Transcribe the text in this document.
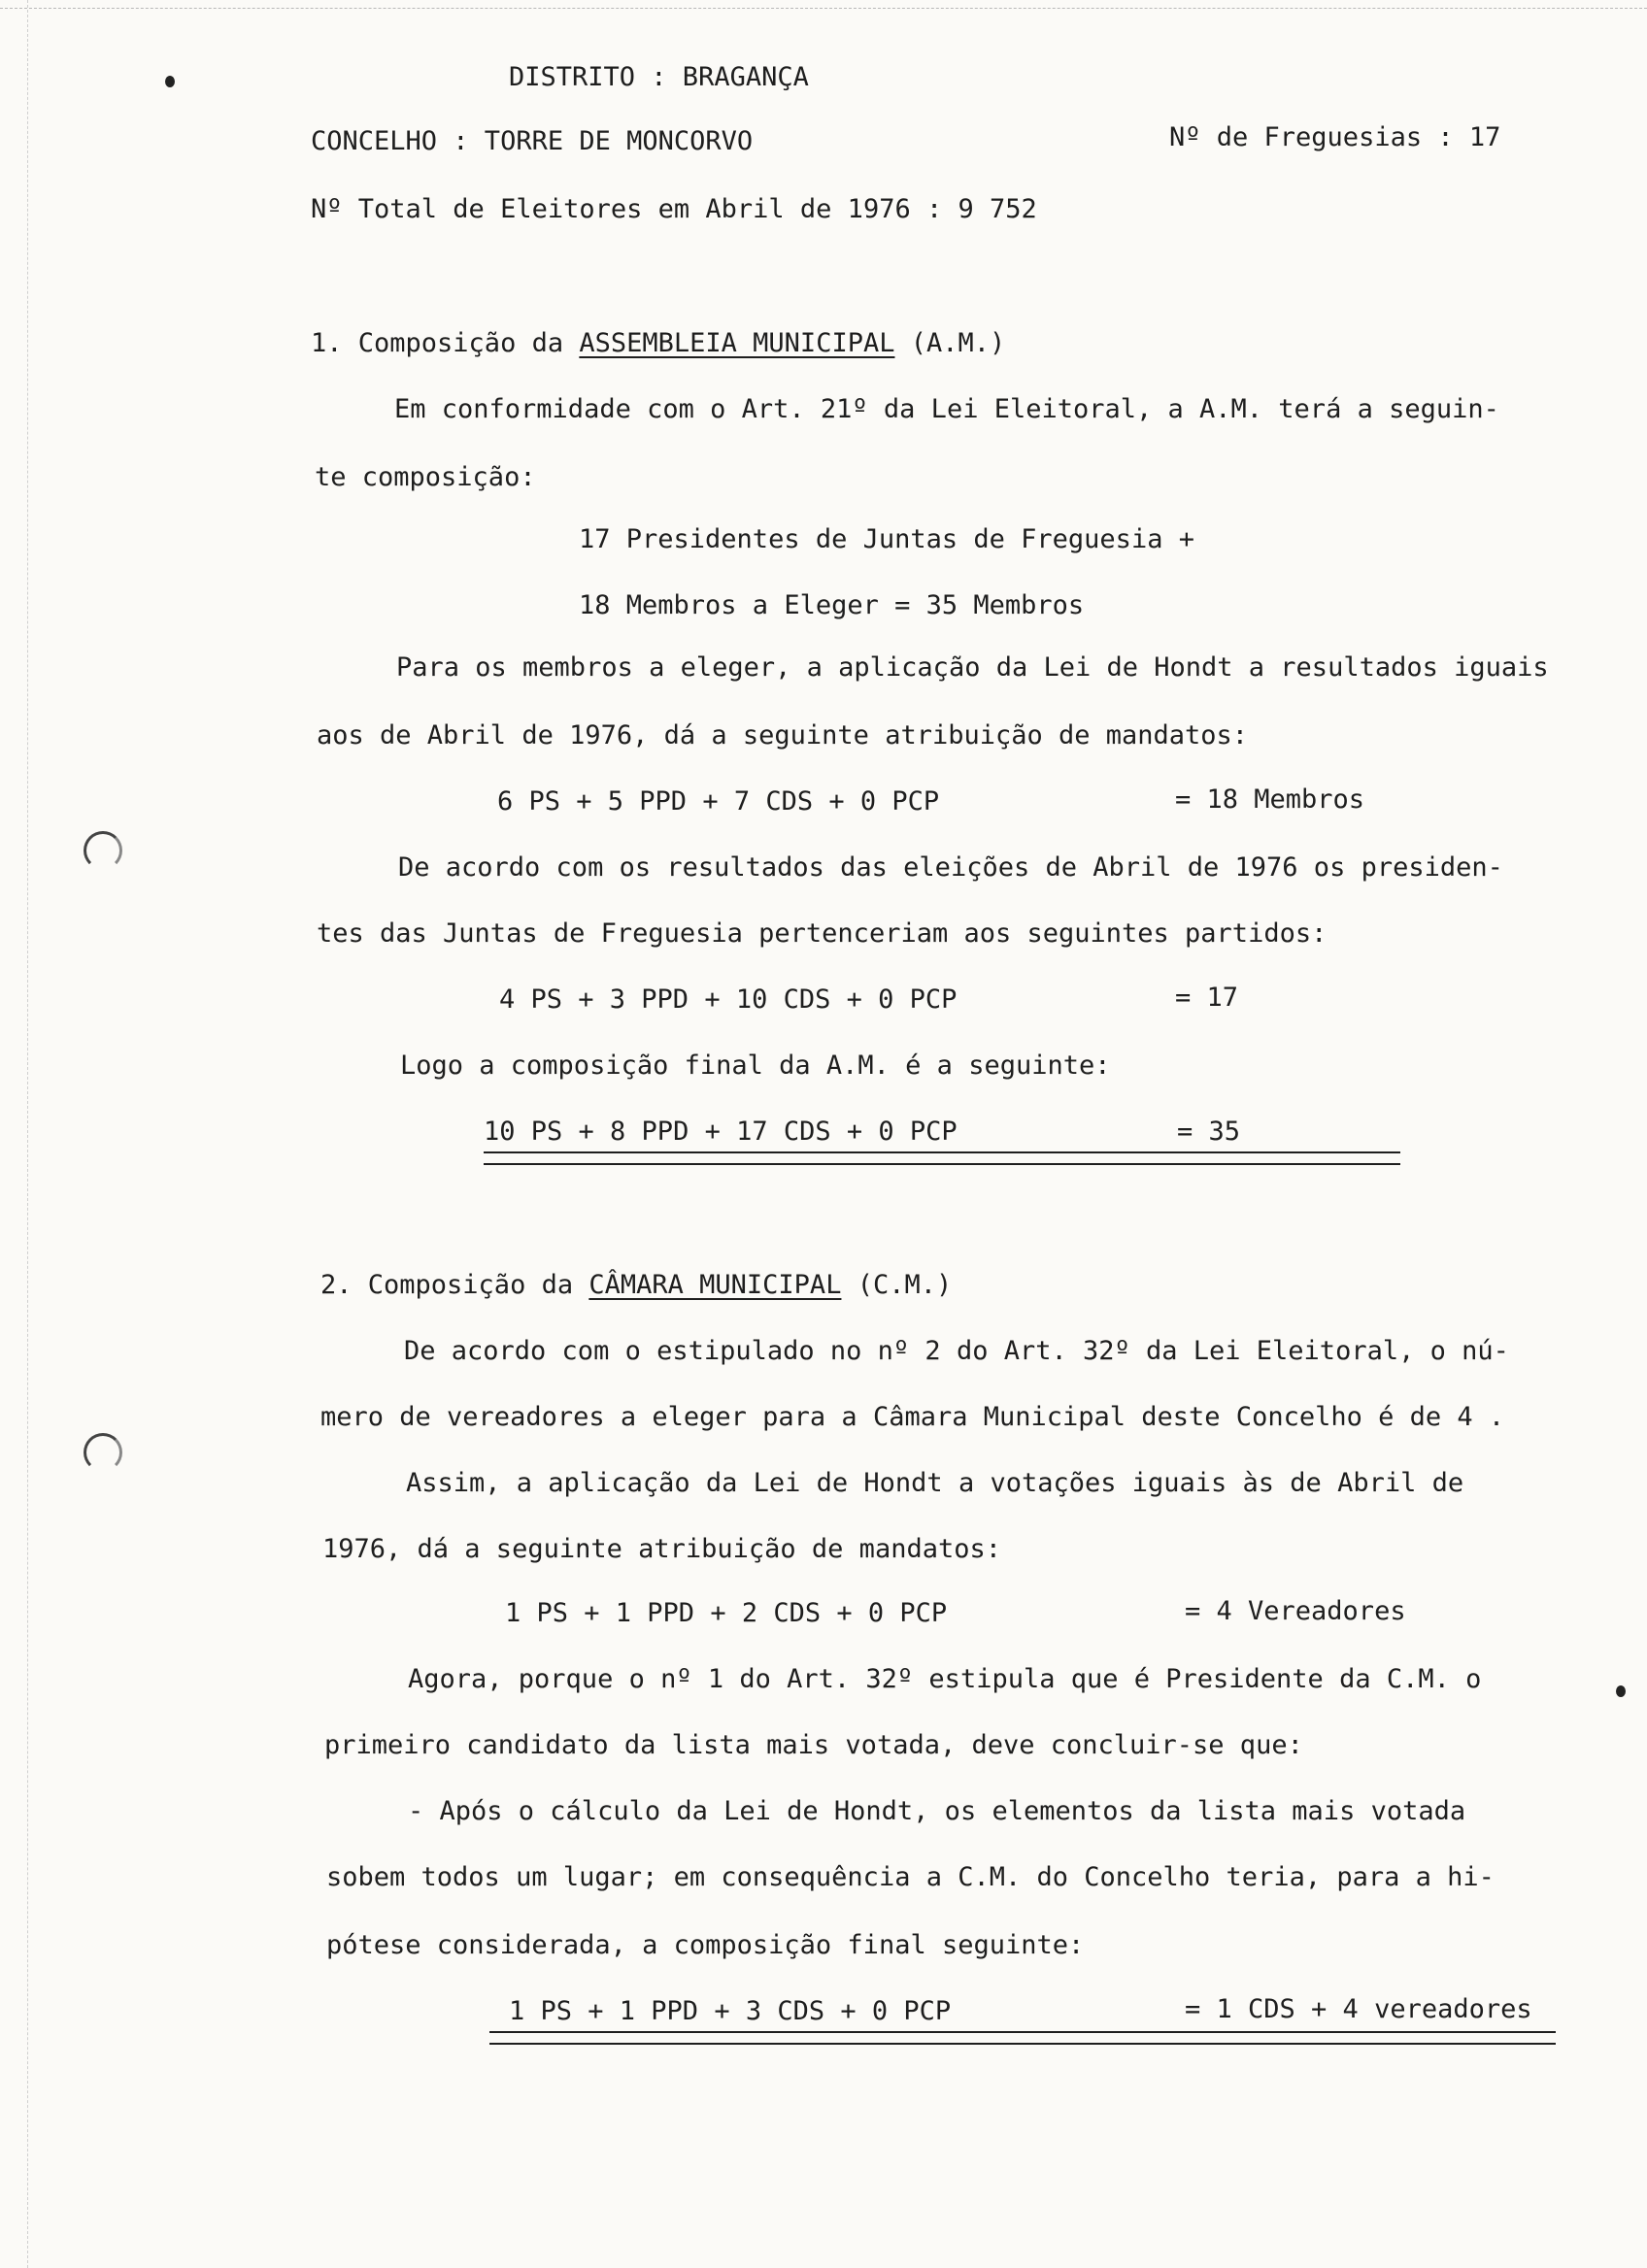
DISTRITO : BRAGANÇA
CONCELHO : TORRE DE MONCORVO	Nº de Freguesias : 17
Nº Total de Eleitores em Abril de 1976 : 9 752
1. Composição da ASSEMBLEIA MUNICIPAL (A.M.)
Em conformidade com o Art. 21º da Lei Eleitoral, a A.M. terá a seguin-
te composição:
17 Presidentes de Juntas de Freguesia +
18 Membros a Eleger = 35 Membros
Para os membros a eleger, a aplicação da Lei de Hondt a resultados iguais
aos de Abril de 1976, dá a seguinte atribuição de mandatos:
6 PS + 5 PPD + 7 CDS + 0 PCP	= 18 Membros
De acordo com os resultados das eleições de Abril de 1976 os presiden-
tes das Juntas de Freguesia pertenceriam aos seguintes partidos:
4 PS + 3 PPD + 10 CDS + 0 PCP	= 17
Logo a composição final da A.M. é a seguinte:
10 PS + 8 PPD + 17 CDS + 0 PCP	= 35
2. Composição da CÂMARA MUNICIPAL (C.M.)
De acordo com o estipulado no nº 2 do Art. 32º da Lei Eleitoral, o nú-
mero de vereadores a eleger para a Câmara Municipal deste Concelho é de 4 .
Assim, a aplicação da Lei de Hondt a votações iguais às de Abril de
1976, dá a seguinte atribuição de mandatos:
1 PS + 1 PPD + 2 CDS + 0 PCP	= 4 Vereadores
Agora, porque o nº 1 do Art. 32º estipula que é Presidente da C.M. o
primeiro candidato da lista mais votada, deve concluir-se que:
- Após o cálculo da Lei de Hondt, os elementos da lista mais votada
sobem todos um lugar; em consequência a C.M. do Concelho teria, para a hi-
pótese considerada, a composição final seguinte:
1 PS + 1 PPD + 3 CDS + 0 PCP	= 1 CDS + 4 vereadores
